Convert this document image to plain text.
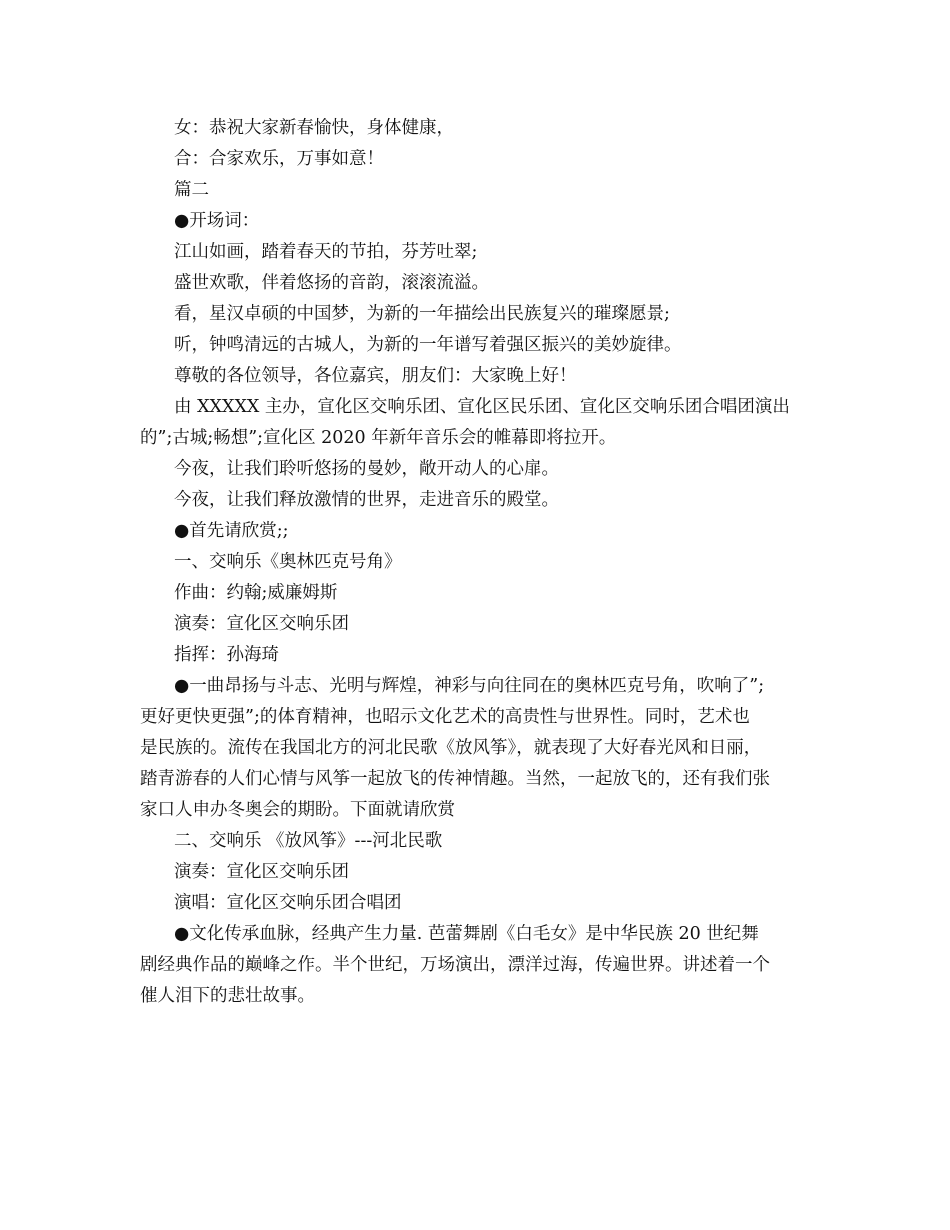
女：恭祝大家新春愉快，身体健康，

合：合家欢乐，万事如意！

篇二

●开场词：

江山如画，踏着春天的节拍，芬芳吐翠;

盛世欢歌，伴着悠扬的音韵，滚滚流溢。

看，星汉卓硕的中国梦，为新的一年描绘出民族复兴的璀璨愿景;

听，钟鸣清远的古城人，为新的一年谱写着强区振兴的美妙旋律。

尊敬的各位领导，各位嘉宾，朋友们：大家晚上好！

由 XXXXX 主办，宣化区交响乐团、宣化区民乐团、宣化区交响乐团合唱团演出
的”;古城;畅想”;宣化区 2020 年新年音乐会的帷幕即将拉开。

今夜，让我们聆听悠扬的曼妙，敞开动人的心扉。

今夜，让我们释放激情的世界，走进音乐的殿堂。

●首先请欣赏;;

一、交响乐《奥林匹克号角》

作曲：约翰;威廉姆斯

演奏：宣化区交响乐团

指挥：孙海琦

●一曲昂扬与斗志、光明与辉煌，神彩与向往同在的奥林匹克号角，吹响了”;
更好更快更强”;的体育精神，也昭示文化艺术的高贵性与世界性。同时，艺术也
是民族的。流传在我国北方的河北民歌《放风筝》，就表现了大好春光风和日丽，
踏青游春的人们心情与风筝一起放飞的传神情趣。当然，一起放飞的，还有我们张
家口人申办冬奥会的期盼。下面就请欣赏

二、交响乐 《放风筝》---河北民歌

演奏：宣化区交响乐团

演唱：宣化区交响乐团合唱团

●文化传承血脉，经典产生力量. 芭蕾舞剧《白毛女》是中华民族 20 世纪舞
剧经典作品的巅峰之作。半个世纪，万场演出，漂洋过海，传遍世界。讲述着一个
催人泪下的悲壮故事。
